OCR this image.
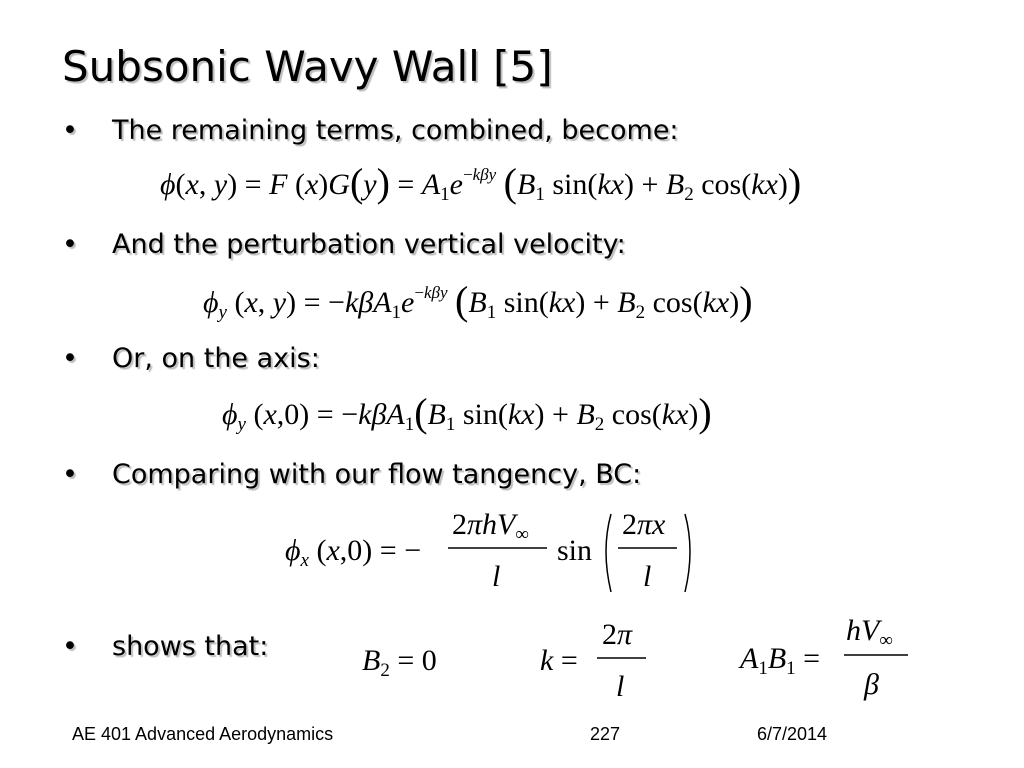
Subsonic Wavy Wall [5]
• The remaining terms, combined, become:
ϕ(x, y) = F $(x)G(y) = A_1e^-k\beta y$ ($B_1$ $\sin(kx) + B_2$ cos(kx))
• And the perturbation vertical velocity:
$\phi_y$ (x, y) = −kβA$_1$e−kβy ($B_1$ $\sin(kx) + B_2$ cos(kx))
• Or, on the axis:
$\phi_y$ $(x,0) = -k\beta A_1(B_1$ $\sin(kx) + B_2$ cos(kx))
• Comparing with our flow tangency, BC:
$\phi_x$ (x,0) = −
2πhV$_\infty$
l
sin
2πx
l
• shows that:	$B_2 = 0$	k =
2π
l
$A_1B_1$ =
$hV_\infty$
β
AE 401 Advanced Aerodynamics	227	6/7/2014
